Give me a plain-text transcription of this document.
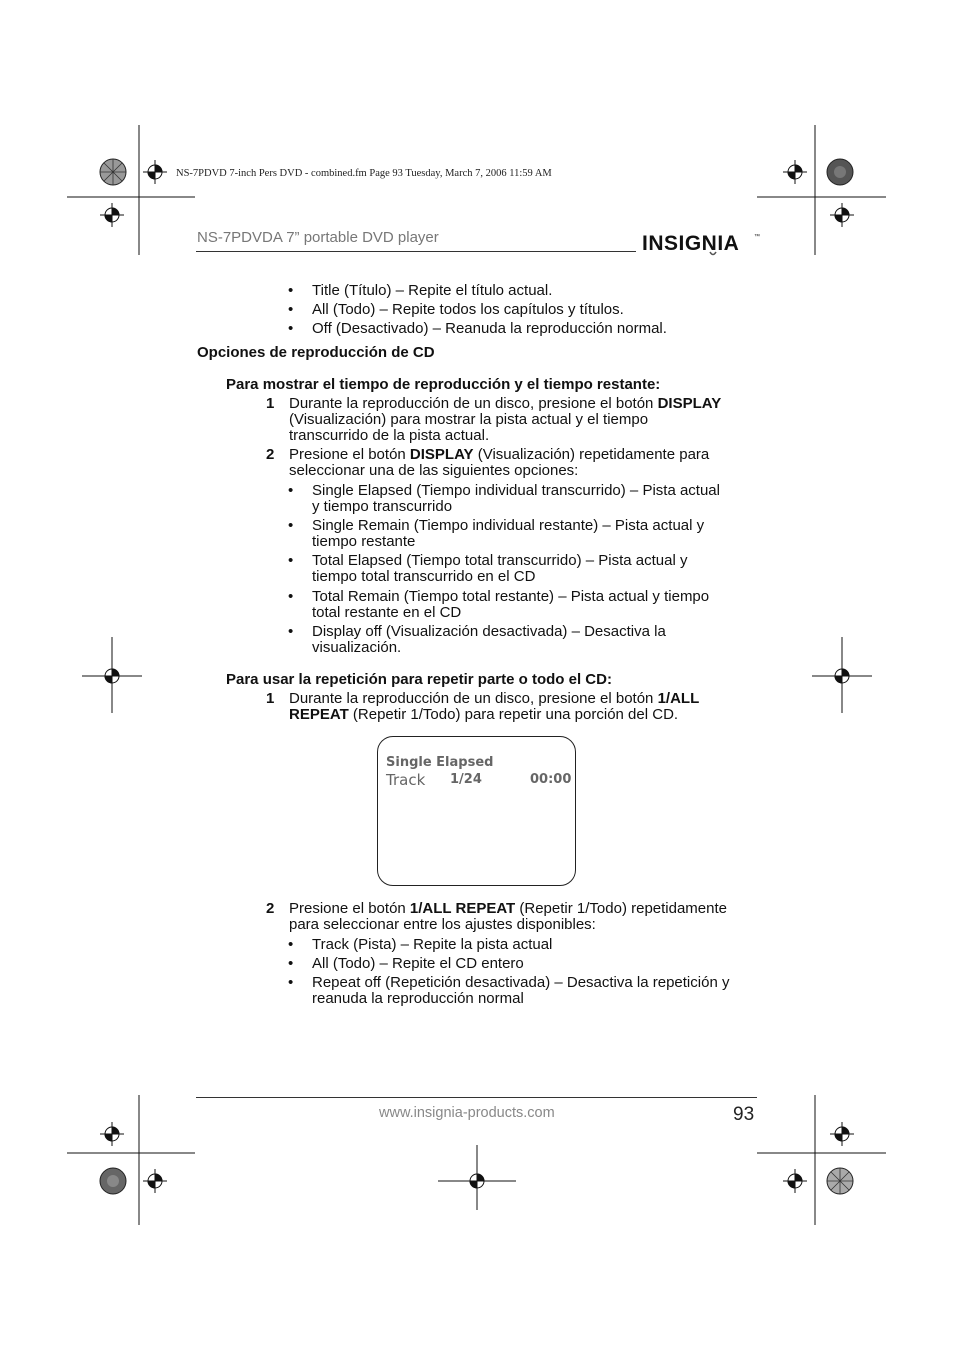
NS-7PDVD 7-inch Pers DVD - combined.fm Page 93 Tuesday, March 7, 2006 11:59 AM
NS-7PDVDA 7” portable DVD player	INSIGNIA ™
• Title (Título) – Repite el título actual.
• All (Todo) – Repite todos los capítulos y títulos.
• Off (Desactivado) – Reanuda la reproducción normal.
Opciones de reproducción de CD
Para mostrar el tiempo de reproducción y el tiempo restante:
1 Durante la reproducción de un disco, presione el botón DISPLAY
(Visualización) para mostrar la pista actual y el tiempo
transcurrido de la pista actual.
2 Presione el botón DISPLAY (Visualización) repetidamente para
seleccionar una de las siguientes opciones:
• Single Elapsed (Tiempo individual transcurrido) – Pista actual
y tiempo transcurrido
• Single Remain (Tiempo individual restante) – Pista actual y
tiempo restante
• Total Elapsed (Tiempo total transcurrido) – Pista actual y
tiempo total transcurrido en el CD
• Total Remain (Tiempo total restante) – Pista actual y tiempo
total restante en el CD
• Display off (Visualización desactivada) – Desactiva la
visualización.
Para usar la repetición para repetir parte o todo el CD:
1 Durante la reproducción de un disco, presione el botón 1/ALL
REPEAT (Repetir 1/Todo) para repetir una porción del CD.
Single Elapsed
Track 1/24	00:00
2 Presione el botón 1/ALL REPEAT (Repetir 1/Todo) repetidamente
para seleccionar entre los ajustes disponibles:
• Track (Pista) – Repite la pista actual
• All (Todo) – Repite el CD entero
• Repeat off (Repetición desactivada) – Desactiva la repetición y
reanuda la reproducción normal
www.insignia-products.com	93
